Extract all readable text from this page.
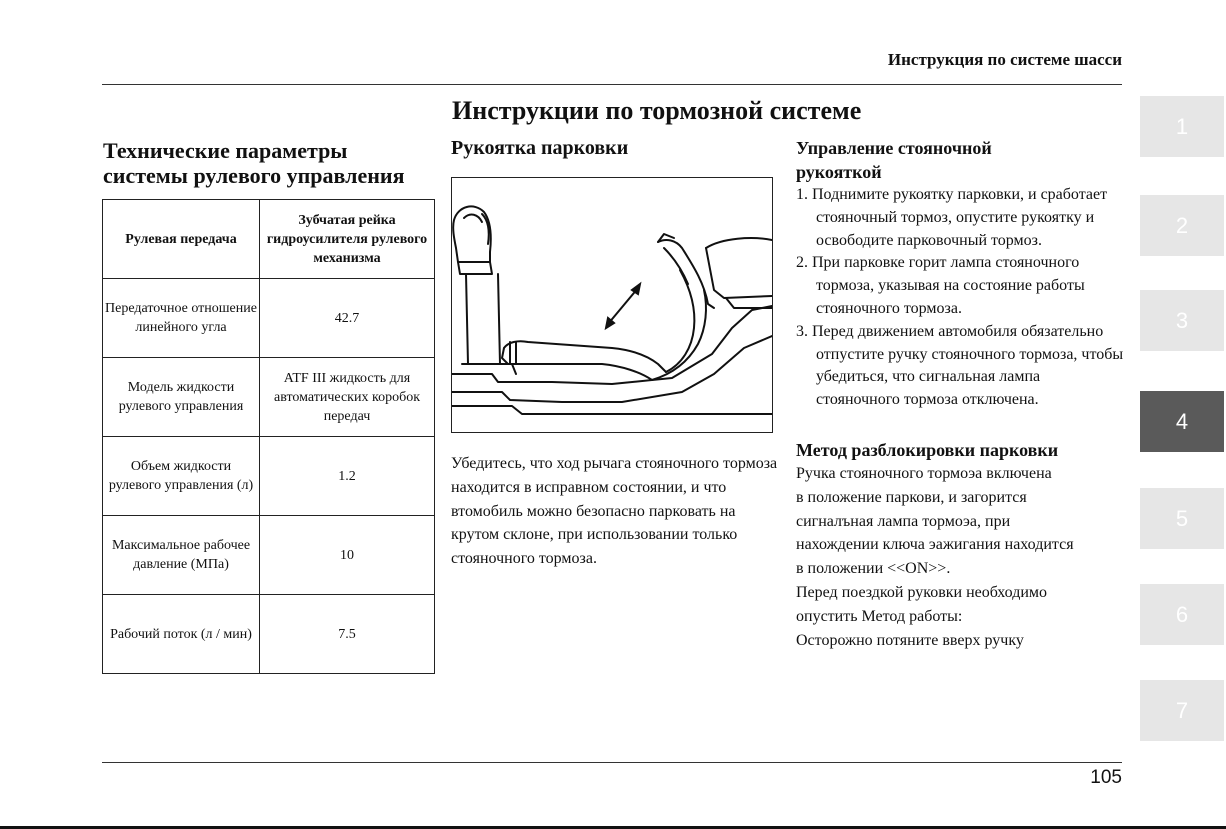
Инструкция по системе шасси
Инструкции по тормозной системе
Технические параметры
системы рулевого управления
Рулевая передача	Зубчатая рейка гидроусилителя рулевого механизма
Передаточное отношение линейного угла	42.7
Модель жидкости рулевого управления	ATF III жидкость для автоматических коробок передач
Объем жидкости рулевого управления (л)	1.2
Максимальное рабочее давление (МПа)	10
Рабочий поток (л / мин)	7.5
Рукоятка парковки
Убедитесь, что ход рычага стояночного тормоза находится в исправном состоянии, и что втомобиль можно безопасно парковать на крутом склоне, при использовании только стояночного тормоза.
Управление стояночной
рукояткой
1. Поднимите рукоятку парковки, и сработает стояночный тормоз, опустите рукоятку и освободите парковочный тормоз.
2. При парковке горит лампа стояночного тормоза, указывая на состояние работы стояночного тормоза.
3. Перед движением автомобиля обязательно отпустите ручку стояночного тормоза, чтобы убедиться, что сигнальная лампа стояночного тормоза отключена.
Метод разблокировки парковки
Ручка стояночного тормоэа включена
в положение паркови, и загорится
сигналъная лампа тормоэа, при
нахождении ключа эажигания находится
в положении <<ON>>.
Перед поездкой руковки необходимо
опустить Метод работы:
Осторожно потяните вверх ручку
1
2
3
4
5
6
7
105
